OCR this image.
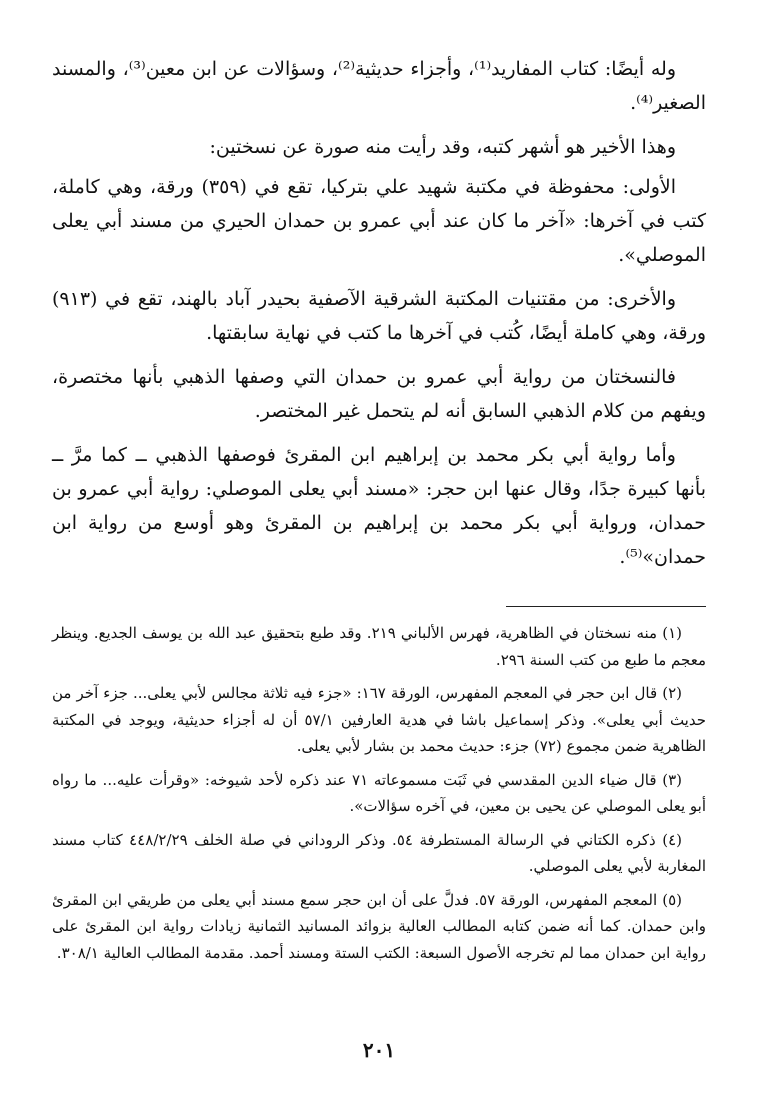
وله أيضًا: كتاب المفاريد⁽¹⁾، وأجزاء حديثية⁽²⁾، وسؤالات عن ابن معين⁽³⁾، والمسند الصغير⁽⁴⁾.

وهذا الأخير هو أشهر كتبه، وقد رأيت منه صورة عن نسختين:

الأولى: محفوظة في مكتبة شهيد علي بتركيا، تقع في (٣٥٩) ورقة، وهي كاملة، كتب في آخرها: «آخر ما كان عند أبي عمرو بن حمدان الحيري من مسند أبي يعلى الموصلي».

والأخرى: من مقتنيات المكتبة الشرقية الآصفية بحيدر آباد بالهند، تقع في (٩١٣) ورقة، وهي كاملة أيضًا، كُتب في آخرها ما كتب في نهاية سابقتها.

فالنسختان من رواية أبي عمرو بن حمدان التي وصفها الذهبي بأنها مختصرة، ويفهم من كلام الذهبي السابق أنه لم يتحمل غير المختصر.

وأما رواية أبي بكر محمد بن إبراهيم ابن المقرئ فوصفها الذهبي ــ كما مرَّ ــ بأنها كبيرة جدًا، وقال عنها ابن حجر: «مسند أبي يعلى الموصلي: رواية أبي عمرو بن حمدان، ورواية أبي بكر محمد بن إبراهيم بن المقرئ وهو أوسع من رواية ابن حمدان»⁽⁵⁾.

(١) منه نسختان في الظاهرية، فهرس الألباني ٢١٩. وقد طبع بتحقيق عبد الله بن يوسف الجديع. وينظر معجم ما طبع من كتب السنة ٢٩٦.

(٢) قال ابن حجر في المعجم المفهرس، الورقة ١٦٧: «جزء فيه ثلاثة مجالس لأبي يعلى... جزء آخر من حديث أبي يعلى». وذكر إسماعيل باشا في هدية العارفين ٥٧/١ أن له أجزاء حديثية، ويوجد في المكتبة الظاهرية ضمن مجموع (٧٢) جزء: حديث محمد بن بشار لأبي يعلى.

(٣) قال ضياء الدين المقدسي في ثَبَت مسموعاته ٧١ عند ذكره لأحد شيوخه: «وقرأت عليه... ما رواه أبو يعلى الموصلي عن يحيى بن معين، في آخره سؤالات».

(٤) ذكره الكتاني في الرسالة المستطرفة ٥٤. وذكر الروداني في صلة الخلف ٤٤٨/٢/٢٩ كتاب مسند المغاربة لأبي يعلى الموصلي.

(٥) المعجم المفهرس، الورقة ٥٧. فدلَّ على أن ابن حجر سمع مسند أبي يعلى من طريقي ابن المقرئ وابن حمدان. كما أنه ضمن كتابه المطالب العالية بزوائد المسانيد الثمانية زيادات رواية ابن المقرئ على رواية ابن حمدان مما لم تخرجه الأصول السبعة: الكتب الستة ومسند أحمد. مقدمة المطالب العالية ٣٠٨/١.

٢٠١
